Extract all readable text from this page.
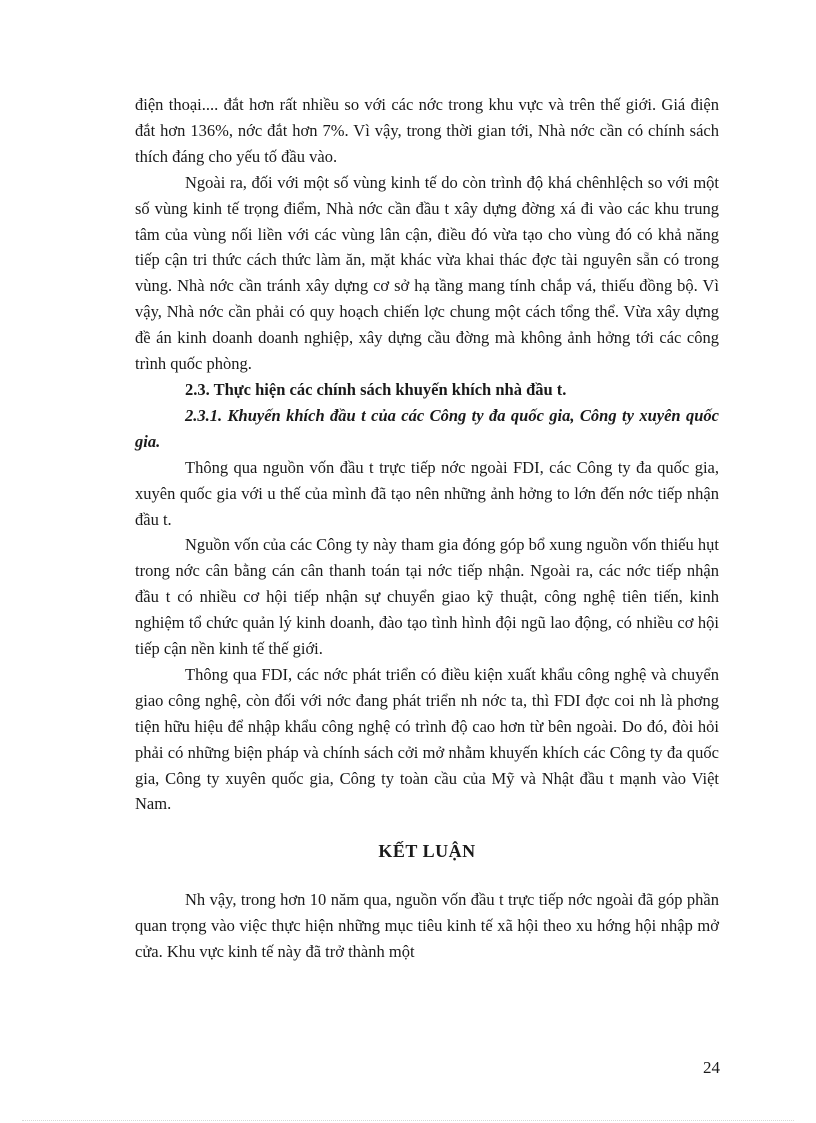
điện thoại.... đắt hơn rất nhiều so với các nớc trong khu vực và trên thế giới. Giá điện đắt hơn 136%, nớc đắt hơn 7%. Vì vậy, trong thời gian tới, Nhà nớc cần có chính sách thích đáng cho yếu tố đầu vào.

Ngoài ra, đối với một số vùng kinh tế do còn trình độ khá chênhlệch so với một số vùng kinh tế trọng điểm, Nhà nớc cần đầu t xây dựng đờng xá đi vào các khu trung tâm của vùng nối liền với các vùng lân cận, điều đó vừa tạo cho vùng đó có khả năng tiếp cận tri thức cách thức làm ăn, mặt khác vừa khai thác đợc tài nguyên sẵn có trong vùng. Nhà nớc cần tránh xây dựng cơ sở hạ tầng mang tính chắp vá, thiếu đồng bộ. Vì vậy, Nhà nớc cần phải có quy hoạch chiến lợc chung một cách tổng thể. Vừa xây dựng đề án kinh doanh doanh nghiệp, xây dựng cầu đờng mà không ảnh hởng tới các công trình quốc phòng.

2.3. Thực hiện các chính sách khuyến khích nhà đầu t.

2.3.1. Khuyến khích đầu t của các Công ty đa quốc gia, Công ty xuyên quốc gia.

Thông qua nguồn vốn đầu t trực tiếp nớc ngoài FDI, các Công ty đa quốc gia, xuyên quốc gia với u thế của mình đã tạo nên những ảnh hởng to lớn đến nớc tiếp nhận đầu t.

Nguồn vốn của các Công ty này tham gia đóng góp bổ xung nguồn vốn thiếu hụt trong nớc cân bằng cán cân thanh toán tại nớc tiếp nhận. Ngoài ra, các nớc tiếp nhận đầu t có nhiều cơ hội tiếp nhận sự chuyển giao kỹ thuật, công nghệ tiên tiến, kinh nghiệm tổ chức quản lý kinh doanh, đào tạo tình hình đội ngũ lao động, có nhiều cơ hội tiếp cận nền kinh tế thế giới.

Thông qua FDI, các nớc phát triển có điều kiện xuất khẩu công nghệ và chuyển giao công nghệ, còn đối với nớc đang phát triển nh nớc ta, thì FDI đợc coi nh là phơng tiện hữu hiệu để nhập khẩu công nghệ có trình độ cao hơn từ bên ngoài. Do đó, đòi hỏi phải có những biện pháp và chính sách cởi mở nhằm khuyến khích các Công ty đa quốc gia, Công ty xuyên quốc gia, Công ty toàn cầu của Mỹ và Nhật đầu t mạnh vào Việt Nam.

KẾT LUẬN

Nh vậy, trong hơn 10 năm qua, nguồn vốn đầu t trực tiếp nớc ngoài đã góp phần quan trọng vào việc thực hiện những mục tiêu kinh tế xã hội theo xu hớng hội nhập mở cửa. Khu vực kinh tế này đã trở thành một

24
